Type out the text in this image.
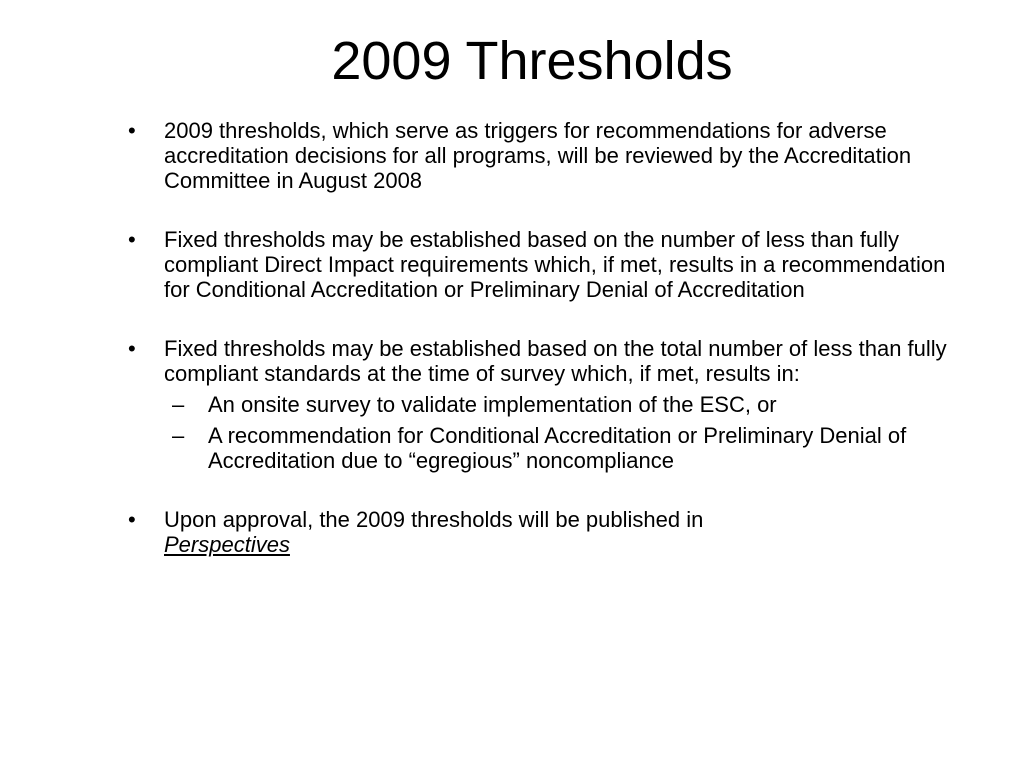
2009 Thresholds
•	2009 thresholds, which serve as triggers for recommendations for adverse accreditation decisions for all programs, will be reviewed by the Accreditation Committee in August 2008
•	Fixed thresholds may be established based on the number of less than fully compliant Direct Impact requirements which, if met, results in a recommendation for Conditional Accreditation or Preliminary Denial of Accreditation
•	Fixed thresholds may be established based on the total number of less than fully compliant standards at the time of survey which, if met, results in:
– An onsite survey to validate implementation of the ESC, or
– A recommendation for Conditional Accreditation or Preliminary Denial of Accreditation due to “egregious” noncompliance
•	Upon approval, the 2009 thresholds will be published in
Perspectives
